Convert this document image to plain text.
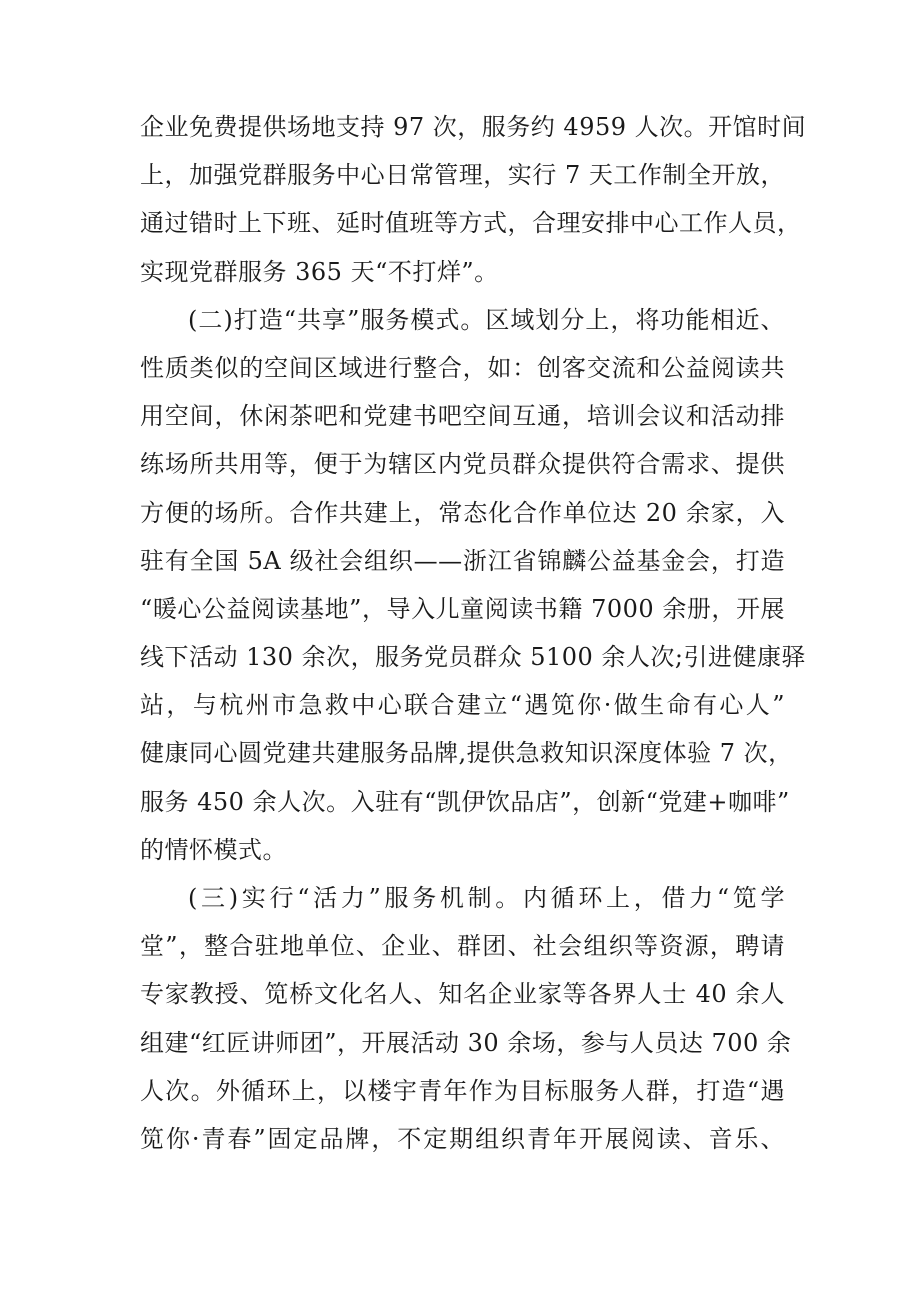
企业免费提供场地支持 97 次，服务约 4959 人次。开馆时间
上，加强党群服务中心日常管理，实行 7 天工作制全开放，
通过错时上下班、延时值班等方式，合理安排中心工作人员，
实现党群服务 365 天“不打烊”。
(二)打造“共享”服务模式。区域划分上，将功能相近、
性质类似的空间区域进行整合，如：创客交流和公益阅读共
用空间，休闲茶吧和党建书吧空间互通，培训会议和活动排
练场所共用等，便于为辖区内党员群众提供符合需求、提供
方便的场所。合作共建上，常态化合作单位达 20 余家，入
驻有全国 5A 级社会组织——浙江省锦麟公益基金会，打造
“暖心公益阅读基地”，导入儿童阅读书籍 7000 余册，开展
线下活动 130 余次，服务党员群众 5100 余人次;引进健康驿
站，与杭州市急救中心联合建立“遇笕你·做生命有心人”
健康同心圆党建共建服务品牌,提供急救知识深度体验 7 次，
服务 450 余人次。入驻有“凯伊饮品店”，创新“党建+咖啡”
的情怀模式。
(三)实行“活力”服务机制。内循环上，借力“笕学
堂”，整合驻地单位、企业、群团、社会组织等资源，聘请
专家教授、笕桥文化名人、知名企业家等各界人士 40 余人
组建“红匠讲师团”，开展活动 30 余场，参与人员达 700 余
人次。外循环上，以楼宇青年作为目标服务人群，打造“遇
笕你·青春”固定品牌，不定期组织青年开展阅读、音乐、
